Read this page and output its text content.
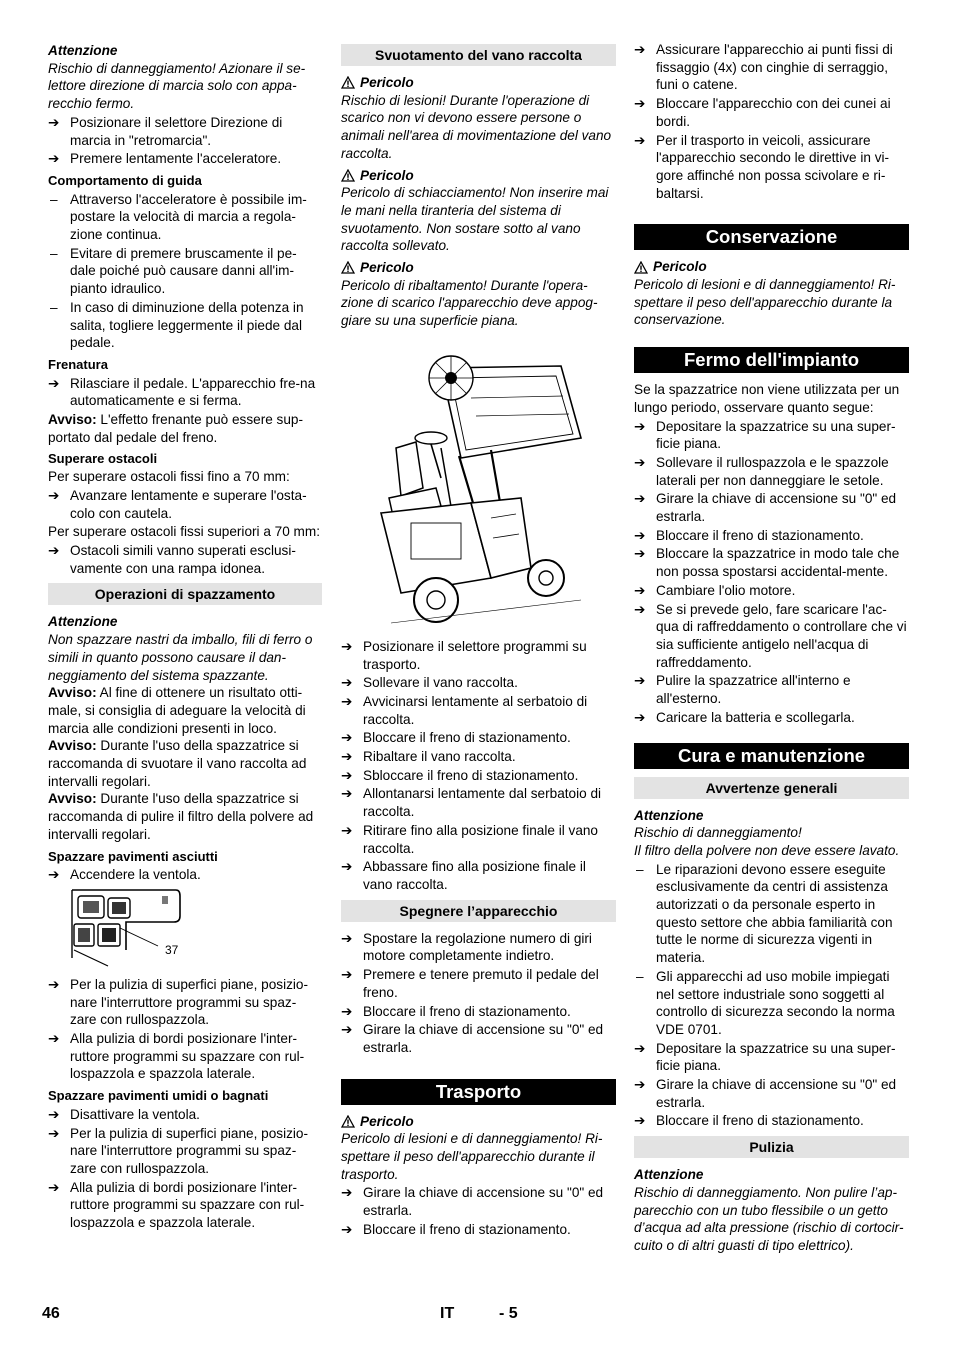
Attenzione

Rischio di danneggiamento! Azionare il se-lettore direzione di marcia solo con appa-recchio fermo.

➔ Posizionare il selettore Direzione di marcia in "retromarcia".
➔ Premere lentamente l'acceleratore.

Comportamento di guida

– Attraverso l'acceleratore è possibile im-postare la velocità di marcia a regola-zione continua.
– Evitare di premere bruscamente il pe-dale poiché può causare danni all'im-pianto idraulico.
– In caso di diminuzione della potenza in salita, togliere leggermente il piede dal pedale.

Frenatura

➔ Rilasciare il pedale. L'apparecchio fre-na automaticamente e si ferma.

Avviso: L'effetto frenante può essere sup-portato dal pedale del freno.

Superare ostacoli

Per superare ostacoli fissi fino a 70 mm:

➔ Avanzare lentamente e superare l'osta-colo con cautela.

Per superare ostacoli fissi superiori a 70 mm:

➔ Ostacoli simili vanno superati esclusi-vamente con una rampa idonea.
Operazioni di spazzamento

Attenzione

Non spazzare nastri da imballo, fili di ferro o simili in quanto possono causare il dan-neggiamento del sistema spazzante.

Avviso: Al fine di ottenere un risultato otti-male, si consiglia di adeguare la velocità di marcia alle condizioni presenti in loco.

Avviso: Durante l'uso della spazzatrice si raccomanda di svuotare il vano raccolta ad intervalli regolari.

Avviso: Durante l'uso della spazzatrice si raccomanda di pulire il filtro della polvere ad intervalli regolari.

Spazzare pavimenti asciutti

➔ Accendere la ventola.
37
➔ Per la pulizia di superfici piane, posizio-nare l'interruttore programmi su spaz-zare con rullospazzola.
➔ Alla pulizia di bordi posizionare l'inter-ruttore programmi su spazzare con rul-lospazzola e spazzola laterale.

Spazzare pavimenti umidi o bagnati

➔ Disattivare la ventola.
➔ Per la pulizia di superfici piane, posizio-nare l'interruttore programmi su spaz-zare con rullospazzola.
➔ Alla pulizia di bordi posizionare l'inter-ruttore programmi su spazzare con rul-lospazzola e spazzola laterale.
Svuotamento del vano raccolta
Pericolo

Rischio di lesioni! Durante l'operazione di scarico non vi devono essere persone o animali nell'area di movimentazione del vano raccolta.

Pericolo

Pericolo di schiacciamento! Non inserire mai le mani nella tiranteria del sistema di svuotamento. Non sostare sotto al vano raccolta sollevato.

Pericolo

Pericolo di ribaltamento! Durante l'opera-zione di scarico l'apparecchio deve appog-giare su una superficie piana.

➔ Posizionare il selettore programmi su trasporto.
➔ Sollevare il vano raccolta.
➔ Avvicinarsi lentamente al serbatoio di raccolta.
➔ Bloccare il freno di stazionamento.
➔ Ribaltare il vano raccolta.
➔ Sbloccare il freno di stazionamento.
➔ Allontanarsi lentamente dal serbatoio di raccolta.
➔ Ritirare fino alla posizione finale il vano raccolta.
➔ Abbassare fino alla posizione finale il vano raccolta.
Spegnere l’apparecchio
➔ Spostare la regolazione numero di giri motore completamente indietro.
➔ Premere e tenere premuto il pedale del freno.
➔ Bloccare il freno di stazionamento.
➔ Girare la chiave di accensione su "0" ed estrarla.
Trasporto
Pericolo

Pericolo di lesioni e di danneggiamento! Ri-spettare il peso dell'apparecchio durante il trasporto.

➔ Girare la chiave di accensione su "0" ed estrarla.
➔ Bloccare il freno di stazionamento.
➔ Assicurare l'apparecchio ai punti fissi di fissaggio (4x) con cinghie di serraggio, funi o catene.
➔ Bloccare l'apparecchio con dei cunei ai bordi.
➔ Per il trasporto in veicoli, assicurare l'apparecchio secondo le direttive in vi-gore affinché non possa scivolare e ri-baltarsi.
Conservazione
Pericolo

Pericolo di lesioni e di danneggiamento! Ri-spettare il peso dell'apparecchio durante la conservazione.

Fermo dell'impianto

Se la spazzatrice non viene utilizzata per un lungo periodo, osservare quanto segue:

➔ Depositare la spazzatrice su una super-ficie piana.
➔ Sollevare il rullospazzola e le spazzole laterali per non danneggiare le setole.
➔ Girare la chiave di accensione su "0" ed estrarla.
➔ Bloccare il freno di stazionamento.
➔ Bloccare la spazzatrice in modo tale che non possa spostarsi accidental-mente.
➔ Cambiare l'olio motore.
➔ Se si prevede gelo, fare scaricare l'ac-qua di raffreddamento o controllare che vi sia sufficiente antigelo nell'acqua di raffreddamento.
➔ Pulire la spazzatrice all'interno e all'esterno.
➔ Caricare la batteria e scollegarla.
Cura e manutenzione
Avvertenze generali

Attenzione

Rischio di danneggiamento!

Il filtro della polvere non deve essere lavato.

– Le riparazioni devono essere eseguite esclusivamente da centri di assistenza autorizzati o da personale esperto in questo settore che abbia familiarità con tutte le norme di sicurezza vigenti in materia.
– Gli apparecchi ad uso mobile impiegati nel settore industriale sono soggetti al controllo di sicurezza secondo la norma VDE 0701.
➔ Depositare la spazzatrice su una super-ficie piana.
➔ Girare la chiave di accensione su "0" ed estrarla.
➔ Bloccare il freno di stazionamento.
Pulizia

Attenzione

Rischio di danneggiamento. Non pulire l’ap-parecchio con un tubo flessibile o un getto d’acqua ad alta pressione (rischio di cortocir-cuito o di altri guasti di tipo elettrico).

46	IT	- 5
